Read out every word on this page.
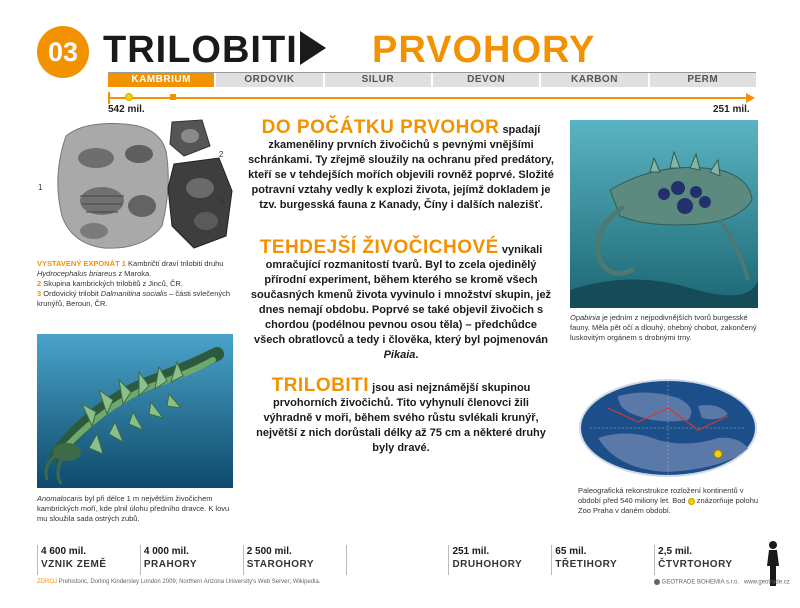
03 TRILOBITI PRVOHORY
KAMBRIUM	ORDOVIK	SILUR	DEVON	KARBON	PERM
542 mil.	251 mil.
1
2
3
VYSTAVENÝ EXPONÁT 1 Kambričtí draví trilobiti druhu Hydrocephalus briareus z Maroka.
2 Skupina kambrických trilobitů z Jinců, ČR.
3 Ordovický trilobit Dalmanitina socialis – části svlečených krunýřů, Beroun, ČR.
Anomalocaris byl při délce 1 m největším živočichem kambrických moří, kde plnil úlohu předního dravce. K lovu mu sloužila sada ostrých zubů.
DO POČÁTKU PRVOHOR spadají zkameněliny prvních živočichů s pevnými vnějšími schránkami. Ty zřejmě sloužily na ochranu před predátory, kteří se v tehdejších mořích objevili rovněž poprvé. Složité potravní vztahy vedly k explozi života, jejímž dokladem je tzv. burgesská fauna z Kanady, Číny i dalších nalezišť.
TEHDEJŠÍ ŽIVOČICHOVÉ vynikali omračující rozmanitostí tvarů. Byl to zcela ojedinělý přírodní experiment, během kterého se kromě všech současných kmenů života vyvinulo i množství skupin, jež dnes nemají obdobu. Poprvé se také objevil živočich s chordou (podélnou pevnou osou těla) – předchůdce všech obratlovců a tedy i člověka, který byl pojmenován Pikaia.
TRILOBITI jsou asi nejznámější skupinou prvohorních živočichů. Tito vyhynulí členovci žili výhradně v moři, během svého růstu svlékali krunýř, největší z nich dorůstali délky až 75 cm a některé druhy byly dravé.
Opabinia je jedním z nejpodivnějších tvorů burgesské fauny. Měla pět očí a dlouhý, ohebný chobot, zakončený luskovitým orgánem s drobnými trny.
Paleografická rekonstrukce rozložení kontinentů v období před 540 miliony let. Bod znázorňuje polohu Zoo Praha v daném období.
4 600 mil.
VZNIK ZEMĚ
4 000 mil.
PRAHORY
2 500 mil.
STAROHORY
542 mil.
PRVOHORY
251 mil.
DRUHOHORY
65 mil.
TŘETIHORY
2,5 mil.
ČTVRTOHORY
ZDROJ Prehistoric, Dorling Kindersley London 2009; Northern Arizona University's Web Server; Wikipedia.	GEOTRADE BOHEMIA s.r.o. www.geotrade.cz
